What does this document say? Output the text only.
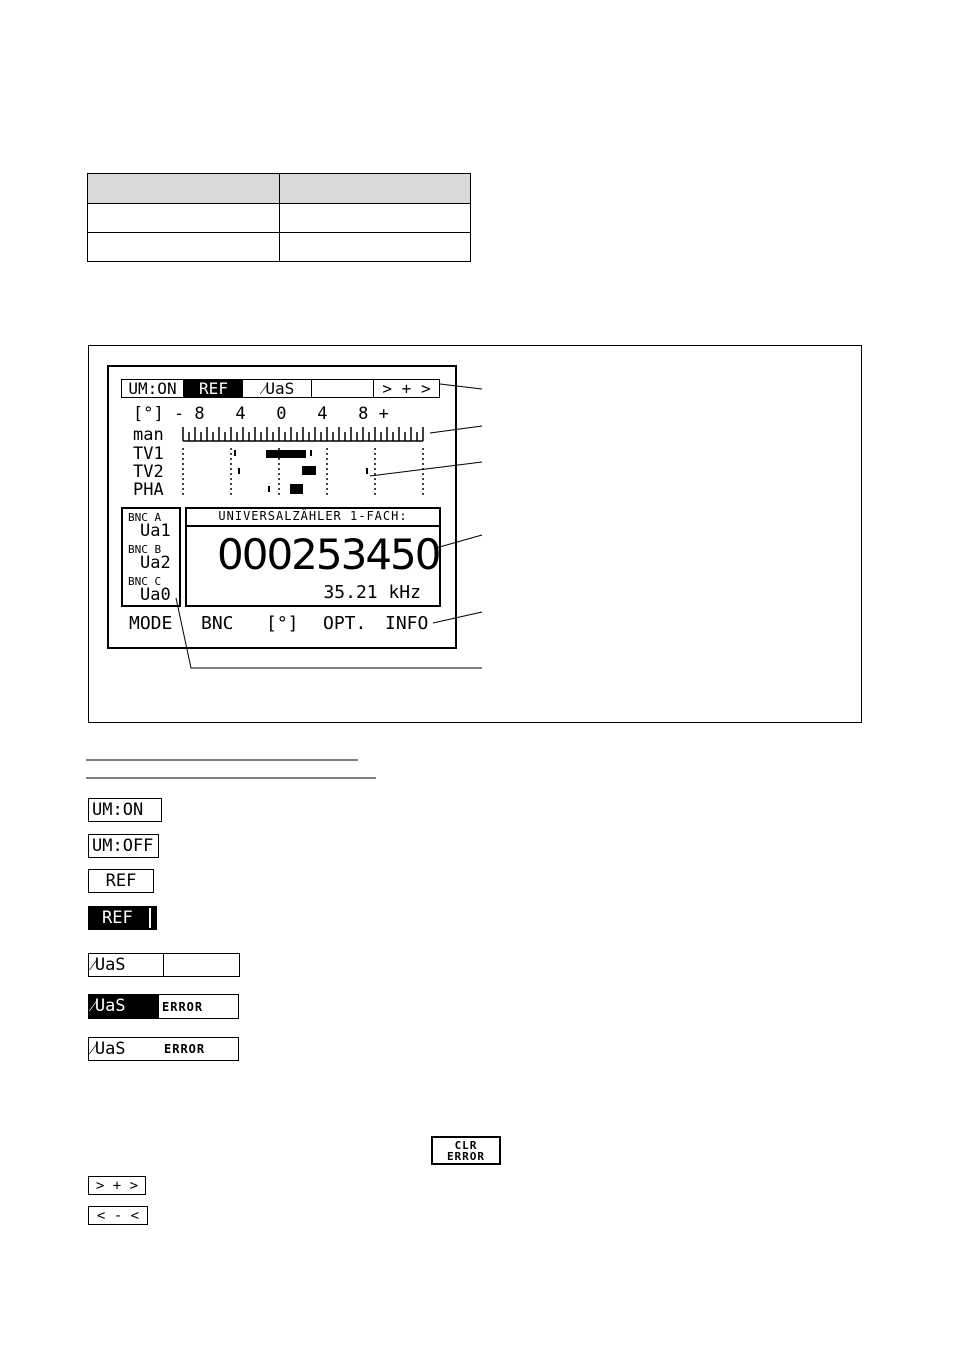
UM:ON	REF	⁄UaS	> + >
[°] - 8   4   0   4   8 +
man
TV1
TV2
PHA
BNC A
Ua1
BNC B
Ua2
BNC C
Ua0
UNIVERSALZÄHLER 1-FACH:
000253450
35.21 kHz
MODE BNC [°] OPT. INFO
UM:ON
UM:OFF
REF
REF
⁄UaS
⁄UaS	ERROR
⁄UaS	ERROR
CLR
ERROR
> + >
< - <
